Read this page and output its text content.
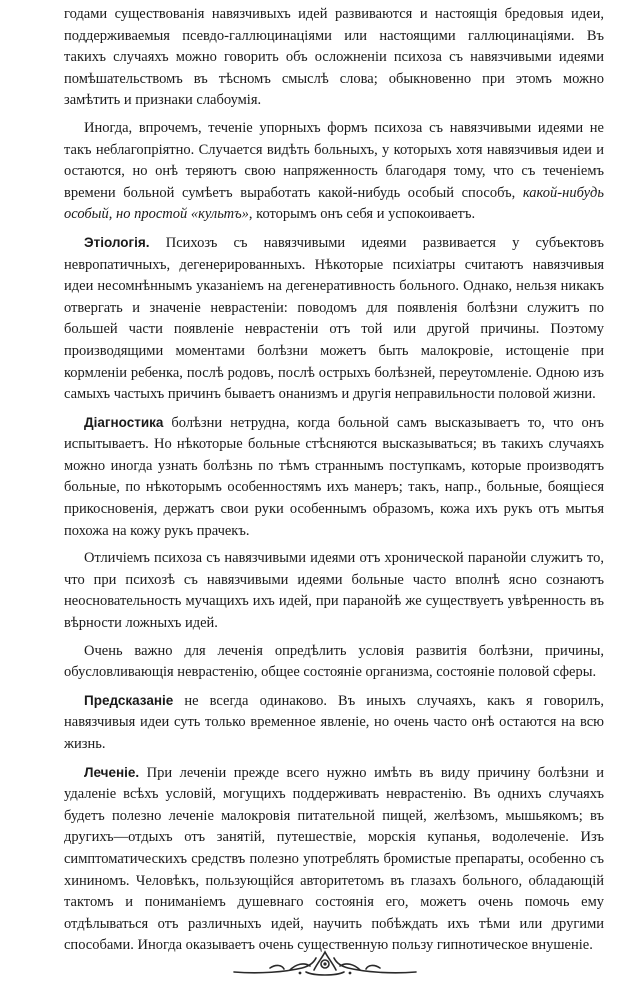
годами существованія навязчивыхъ идей развиваются и настоящія бредовыя идеи, поддерживаемыя псевдо-галлюцинаціями или настоящими галлюцинаціями. Въ такихъ случаяхъ можно говорить объ осложненіи психоза съ навязчивыми идеями помѣшательствомъ въ тѣсномъ смыслѣ слова; обыкновенно при этомъ можно замѣтить и признаки слабоумія.

Иногда, впрочемъ, теченіе упорныхъ формъ психоза съ навязчивыми идеями не такъ неблагопріятно. Случается видѣть больныхъ, у которыхъ хотя навязчивыя идеи и остаются, но онѣ теряютъ свою напряженность благодаря тому, что съ теченіемъ времени больной сумѣетъ выработать какой-нибудь особый способъ, какой-нибудь особый, но простой «культъ», которымъ онъ себя и успокоиваетъ.

Этіологія. Психозъ съ навязчивыми идеями развивается у субъектовъ невропатичныхъ, дегенерированныхъ. Нѣкоторые психіатры считаютъ навязчивыя идеи несомнѣннымъ указаніемъ на дегенеративность больного. Однако, нельзя никакъ отвергать и значеніе неврастеніи: поводомъ для появленія болѣзни служитъ по большей части появленіе неврастеніи отъ той или другой причины. Поэтому производящими моментами болѣзни можетъ быть малокровіе, истощеніе при кормленіи ребенка, послѣ родовъ, послѣ острыхъ болѣзней, переутомленіе. Одною изъ самыхъ частыхъ причинъ бываетъ онанизмъ и другія неправильности половой жизни.

Діагностика болѣзни нетрудна, когда больной самъ высказываетъ то, что онъ испытываетъ. Но нѣкоторые больные стѣсняются высказываться; въ такихъ случаяхъ можно иногда узнать болѣзнь по тѣмъ страннымъ поступкамъ, которые производятъ больные, по нѣкоторымъ особенностямъ ихъ манеръ; такъ, напр., больные, боящіеся прикосновенія, держатъ свои руки особеннымъ образомъ, кожа ихъ рукъ отъ мытья похожа на кожу рукъ прачекъ.

Отличіемъ психоза съ навязчивыми идеями отъ хронической паранойи служитъ то, что при психозѣ съ навязчивыми идеями больные часто вполнѣ ясно сознаютъ неосновательность мучащихъ ихъ идей, при паранойѣ же существуетъ увѣренность въ вѣрности ложныхъ идей.

Очень важно для леченія опредѣлить условія развитія болѣзни, причины, обусловливающія неврастенію, общее состояніе организма, состояніе половой сферы.

Предсказаніе не всегда одинаково. Въ иныхъ случаяхъ, какъ я говорилъ, навязчивыя идеи суть только временное явленіе, но очень часто онѣ остаются на всю жизнь.

Леченіе. При леченіи прежде всего нужно имѣть въ виду причину болѣзни и удаленіе всѣхъ условій, могущихъ поддерживать неврастенію. Въ однихъ случаяхъ будетъ полезно леченіе малокровія питательной пищей, желѣзомъ, мышьякомъ; въ другихъ—отдыхъ отъ занятій, путешествіе, морскія купанья, водолеченіе. Изъ симптоматическихъ средствъ полезно употреблять бромистые препараты, особенно съ хининомъ. Человѣкъ, пользующійся авторитетомъ въ глазахъ больного, обладающій тактомъ и пониманіемъ душевнаго состоянія его, можетъ очень помочь ему отдѣлываться отъ различныхъ идей, научить побѣждать ихъ тѣми или другими способами. Иногда оказываетъ очень существенную пользу гипнотическое внушеніе.
